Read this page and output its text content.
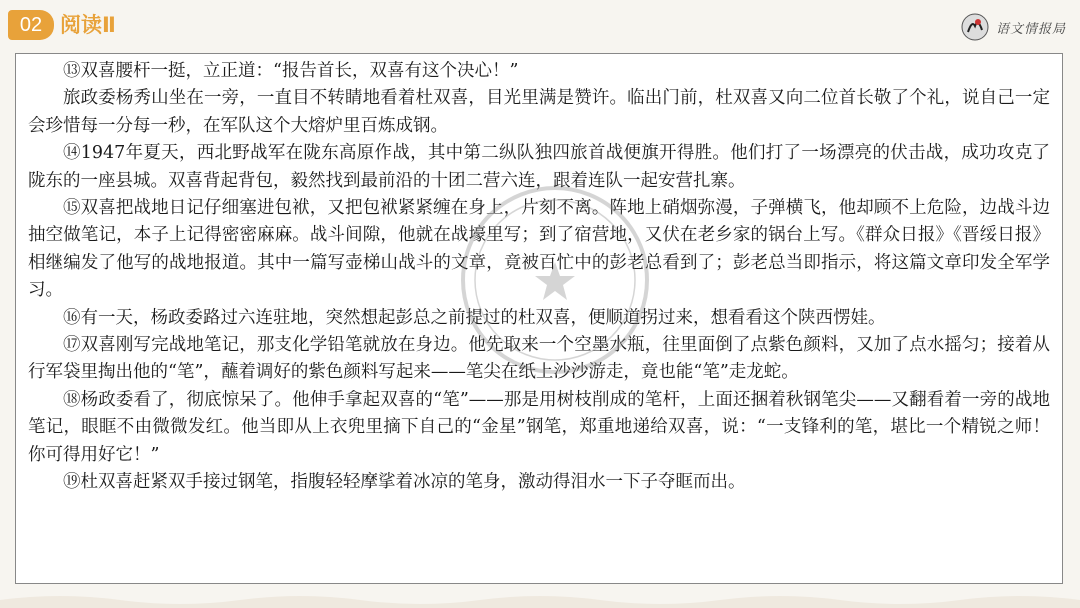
02 阅读Ⅱ	语文情报局

⑬双喜腰杆一挺，立正道：“报告首长，双喜有这个决心！”

旅政委杨秀山坐在一旁，一直目不转睛地看着杜双喜，目光里满是赞许。临出门前，杜双喜又向二位首长敬了个礼，说自己一定会珍惜每一分每一秒，在军队这个大熔炉里百炼成钢。

⑭1947年夏天，西北野战军在陇东高原作战，其中第二纵队独四旅首战便旗开得胜。他们打了一场漂亮的伏击战，成功攻克了陇东的一座县城。双喜背起背包，毅然找到最前沿的十团二营六连，跟着连队一起安营扎寨。

⑮双喜把战地日记仔细塞进包袱，又把包袱紧紧缠在身上，片刻不离。阵地上硝烟弥漫，子弹横飞，他却顾不上危险，边战斗边抽空做笔记，本子上记得密密麻麻。战斗间隙，他就在战壕里写；到了宿营地，又伏在老乡家的锅台上写。《群众日报》《晋绥日报》相继编发了他写的战地报道。其中一篇写壶梯山战斗的文章，竟被百忙中的彭老总看到了；彭老总当即指示，将这篇文章印发全军学习。

⑯有一天，杨政委路过六连驻地，突然想起彭总之前提过的杜双喜，便顺道拐过来，想看看这个陕西愣娃。

⑰双喜刚写完战地笔记，那支化学铅笔就放在身边。他先取来一个空墨水瓶，往里面倒了点紫色颜料，又加了点水摇匀；接着从行军袋里掏出他的“笔”，蘸着调好的紫色颜料写起来——笔尖在纸上沙沙游走，竟也能“笔”走龙蛇。

⑱杨政委看了，彻底惊呆了。他伸手拿起双喜的“笔”——那是用树枝削成的笔杆，上面还捆着秋钢笔尖——又翻看着一旁的战地笔记，眼眶不由微微发红。他当即从上衣兜里摘下自己的“金星”钢笔，郑重地递给双喜，说：“一支锋利的笔，堪比一个精锐之师！你可得用好它！”

⑲杜双喜赶紧双手接过钢笔，指腹轻轻摩挲着冰凉的笔身，激动得泪水一下子夺眶而出。
